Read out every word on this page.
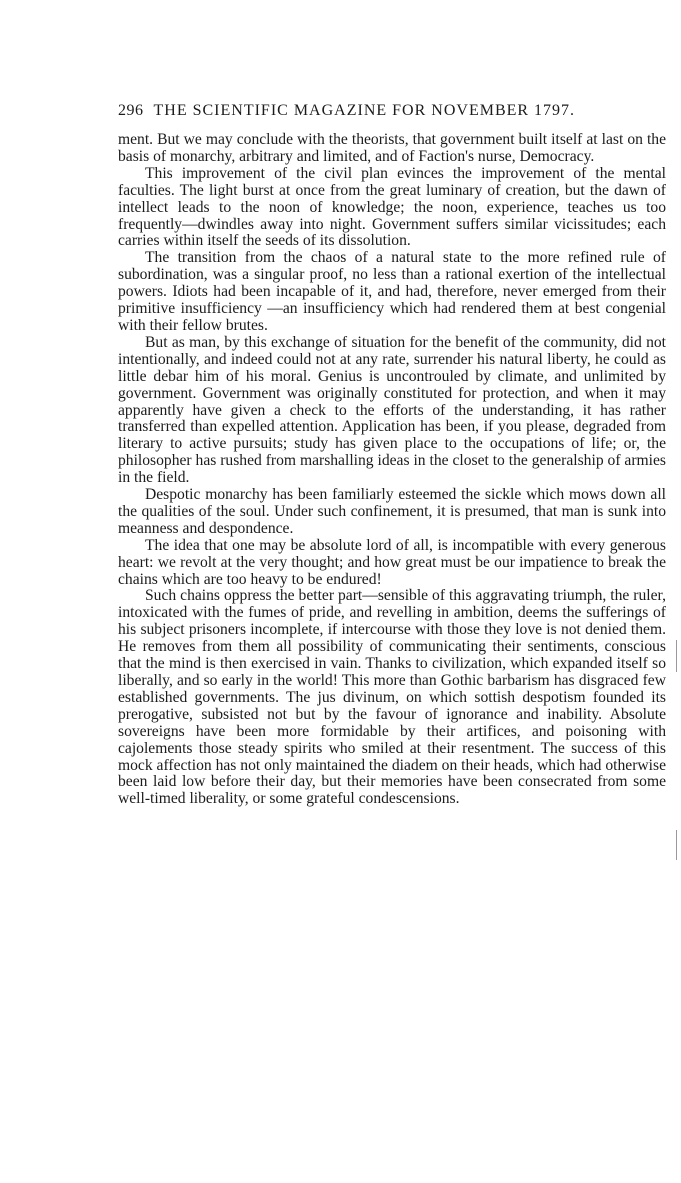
296 THE SCIENTIFIC MAGAZINE FOR NOVEMBER 1797.

ment. But we may conclude with the theorists, that government built itself at last on the basis of monarchy, arbitrary and limited, and of Faction's nurse, Democracy.

This improvement of the civil plan evinces the improvement of the mental faculties. The light burst at once from the great luminary of creation, but the dawn of intellect leads to the noon of knowledge; the noon, experience, teaches us too frequently—dwindles away into night. Government suffers similar vicissitudes; each carries within itself the seeds of its dissolution.

The transition from the chaos of a natural state to the more refined rule of subordination, was a singular proof, no less than a rational exertion of the intellectual powers. Idiots had been incapable of it, and had, therefore, never emerged from their primitive insufficiency —an insufficiency which had rendered them at best congenial with their fellow brutes.

But as man, by this exchange of situation for the benefit of the community, did not intentionally, and indeed could not at any rate, surrender his natural liberty, he could as little debar him of his moral. Genius is uncontrouled by climate, and unlimited by government. Government was originally constituted for protection, and when it may apparently have given a check to the efforts of the understanding, it has rather transferred than expelled attention. Application has been, if you please, degraded from literary to active pursuits; study has given place to the occupations of life; or, the philosopher has rushed from marshalling ideas in the closet to the generalship of armies in the field.

Despotic monarchy has been familiarly esteemed the sickle which mows down all the qualities of the soul. Under such confinement, it is presumed, that man is sunk into meanness and despondence.

The idea that one may be absolute lord of all, is incompatible with every generous heart: we revolt at the very thought; and how great must be our impatience to break the chains which are too heavy to be endured!

Such chains oppress the better part—sensible of this aggravating triumph, the ruler, intoxicated with the fumes of pride, and revelling in ambition, deems the sufferings of his subject prisoners incomplete, if intercourse with those they love is not denied them. He removes from them all possibility of communicating their sentiments, conscious that the mind is then exercised in vain. Thanks to civilization, which expanded itself so liberally, and so early in the world! This more than Gothic barbarism has disgraced few established governments. The jus divinum, on which sottish despotism founded its prerogative, subsisted not but by the favour of ignorance and inability. Absolute sovereigns have been more formidable by their artifices, and poisoning with cajolements those steady spirits who smiled at their resentment. The success of this mock affection has not only maintained the diadem on their heads, which had otherwise been laid low before their day, but their memories have been consecrated from some well-timed liberality, or some grateful condescensions.
